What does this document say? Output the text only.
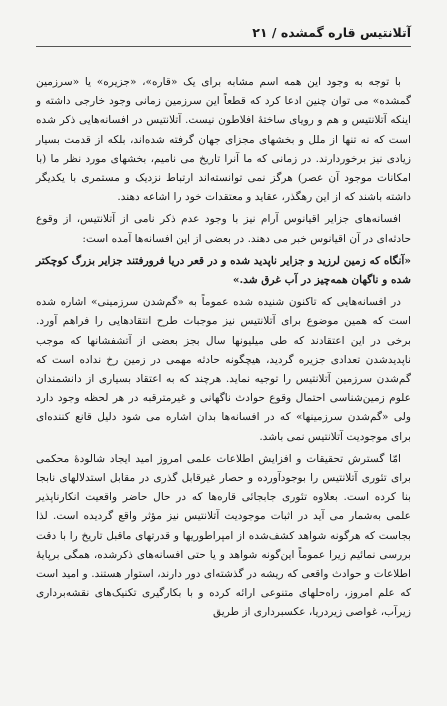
آتلانتیس قاره گمشده / ۲۱

با توجه به وجود این همه اسم مشابه برای یک «قاره»، «جزیره» یا «سرزمین گمشده» می توان چنین ادعا کرد که قطعاً این سرزمین زمانی وجود خارجی داشته و اینکه آتلانتیس و هم و رویای ساختهٔ افلاطون نیست. آتلانتیس در افسانه‌هایی ذکر شده است که نه تنها از ملل و بخشهای مجزای جهان گرفته شده‌اند، بلکه از قدمت بسیار زیادی نیز برخوردارند. در زمانی که ما آنرا تاریخ می نامیم، بخشهای مورد نظر ما (با امکانات موجود آن عصر) هرگز نمی توانسته‌اند ارتباط نزدیک و مستمری با یکدیگر داشته باشند که از این رهگذر، عقاید و معتقدات خود را اشاعه دهند.

افسانه‌های جزایر اقیانوس آرام نیز با وجود عدم ذکر نامی از آتلانتیس، از وقوع حادثه‌ای در آن اقیانوس خبر می دهند. در بعضی از این افسانه‌ها آمده است:

«آنگاه که زمین لرزید و جزایر ناپدید شده و در قعر دریا فرورفتند جزایر بزرگ کوچکتر شده و ناگهان همه‌چیز در آب غرق شد.»

در افسانه‌هایی که تاکنون شنیده شده عموماً به «گم‌شدن سرزمینی» اشاره شده است که همین موضوع برای آتلانتیس نیز موجبات طرح انتقادهایی را فراهم آورد. برخی در این اعتقادند که طی میلیونها سال بجز بعضی از آتشفشانها که موجب ناپدیدشدن تعدادی جزیره گردید، هیچگونه حادثه مهمی در زمین رخ نداده است که گم‌شدن سرزمین آتلانتیس را توجیه نماید. هرچند که به اعتقاد بسیاری از دانشمندان علوم زمین‌شناسی احتمال وقوع حوادث ناگهانی و غیرمترقبه در هر لحظه وجود دارد ولی «گم‌شدن سرزمینها» که در افسانه‌ها بدان اشاره می شود دلیل قانع کننده‌ای برای موجودیت آتلانتیس نمی باشد.

امّا گسترش تحقیقات و افزایش اطلاعات علمی امروز امید ایجاد شالودهٔ محکمی برای تئوری آتلانتیس را بوجودآورده و حصار غیرقابل گذری در مقابل استدلالهای نابجا بنا کرده است. بعلاوه تئوری جابجائی قاره‌ها که در حال حاضر واقعیت انکارناپذیر علمی به‌شمار می آید در اثبات موجودیت آتلانتیس نیز مؤثر واقع گردیده است. لذا بجاست که هرگونه شواهد کشف‌شده از امپراطوریها و قدرتهای ماقبل تاریخ را با دقت بررسی نمائیم زیرا عموماً این‌گونه شواهد و یا حتی افسانه‌های ذکرشده، همگی برپایهٔ اطلاعات و حوادث واقعی که ریشه در گذشته‌ای دور دارند، استوار هستند. و امید است که علم امروز، راه‌حلهای متنوعی ارائه کرده و با بکارگیری تکنیک‌های نقشه‌برداری زیرآب، غواصی زیردریا، عکسبرداری از طریق
